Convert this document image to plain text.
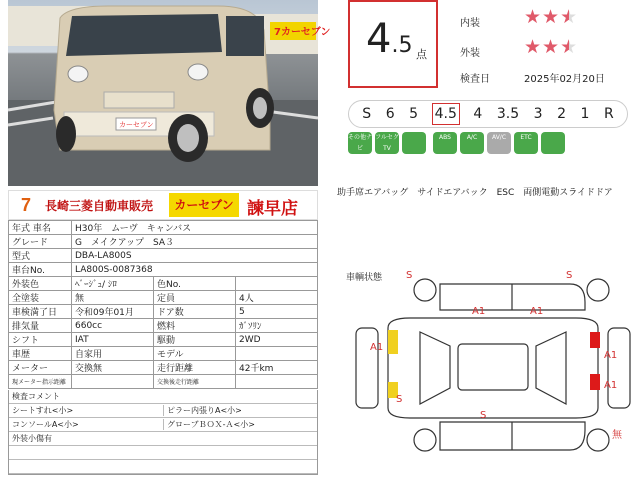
7カーセブン
カーセブン
7	長崎三菱自動車販売	カーセブン 諫早店
年式 車名	H30年　ムーヴ　キャンバス		
グレード	G　メイクアップ　SA３		
型式	DBA-LA800S		
車台No.	LA800S-0087368		
外装色	ﾍﾞｰｼﾞｭ/ ｼﾛ	色No.	
全塗装	無	定員	4人
車検満了日	令和09年01月	ドア数	5
排気量	660cc	燃料	ｶﾞｿﾘﾝ
シフト	IAT	駆動	2WD
車歴	自家用	モデル	
メーター	交換無	走行距離	42千km
現メーター指示距離		交換後走行距離	
検査コメント
シートすれ<小>	ピラー内張りA<小>
コンソールA<小>	グローブＢＯＸ-Ａ<小>
外装小傷有
4.5 点
内装 ★★★
外装 ★★★
検査日	2025年02月20日
S 6 5 4.5 4 3.5 3 2 1 R
その他ナビ
フルセグTV
ABS	A/C	AV/C	ETC
助手席エアバッグ　サイドエアバック　ESC　両側電動スライドドア
車輌状態 S	S
A1	A1
A1
A1
A1
S
S
無
